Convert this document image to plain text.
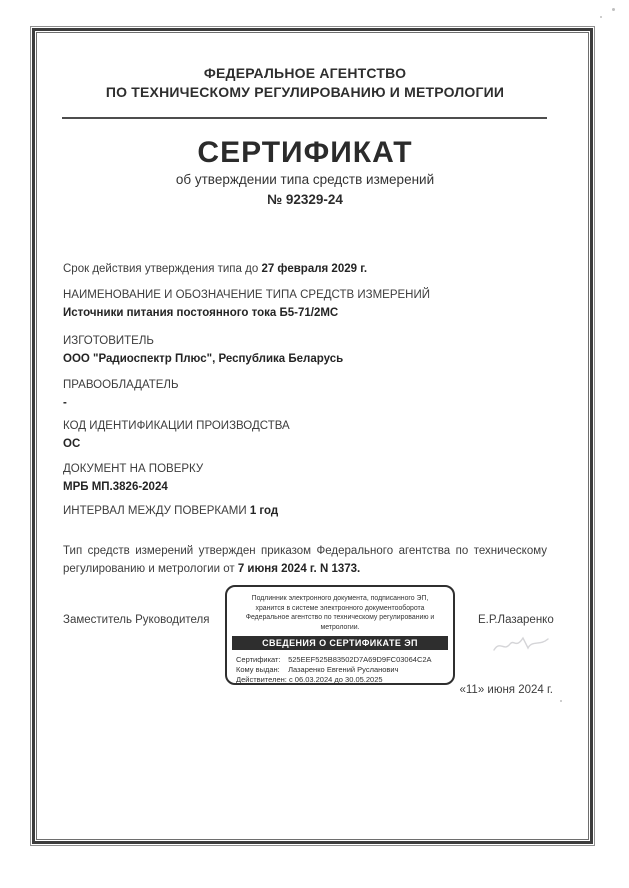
ФЕДЕРАЛЬНОЕ АГЕНТСТВО
ПО ТЕХНИЧЕСКОМУ РЕГУЛИРОВАНИЮ И МЕТРОЛОГИИ
СЕРТИФИКАТ
об утверждении типа средств измерений
№ 92329-24
Срок действия утверждения типа до 27 февраля 2029 г.
НАИМЕНОВАНИЕ И ОБОЗНАЧЕНИЕ ТИПА СРЕДСТВ ИЗМЕРЕНИЙ
Источники питания постоянного тока Б5-71/2МС
ИЗГОТОВИТЕЛЬ
ООО "Радиоспектр Плюс", Республика Беларусь
ПРАВООБЛАДАТЕЛЬ
-
КОД ИДЕНТИФИКАЦИИ ПРОИЗВОДСТВА
ОС
ДОКУМЕНТ НА ПОВЕРКУ
МРБ МП.3826-2024
ИНТЕРВАЛ МЕЖДУ ПОВЕРКАМИ 1 год
Тип средств измерений утвержден приказом Федерального агентства по техническому регулированию и метрологии от 7 июня 2024 г. N 1373.
Заместитель Руководителя	Е.Р.Лазаренко
Подлинник электронного документа, подписанного ЭП,
хранится в системе электронного документооборота
Федеральное агентство по техническому регулированию и
метрологии.
СВЕДЕНИЯ О СЕРТИФИКАТЕ ЭП
Сертификат: 525EEF525B83502D7A69D9FC03064C2A
Кому выдан: Лазаренко Евгений Русланович
Действителен: с 06.03.2024 до 30.05.2025
«11» июня 2024 г.
